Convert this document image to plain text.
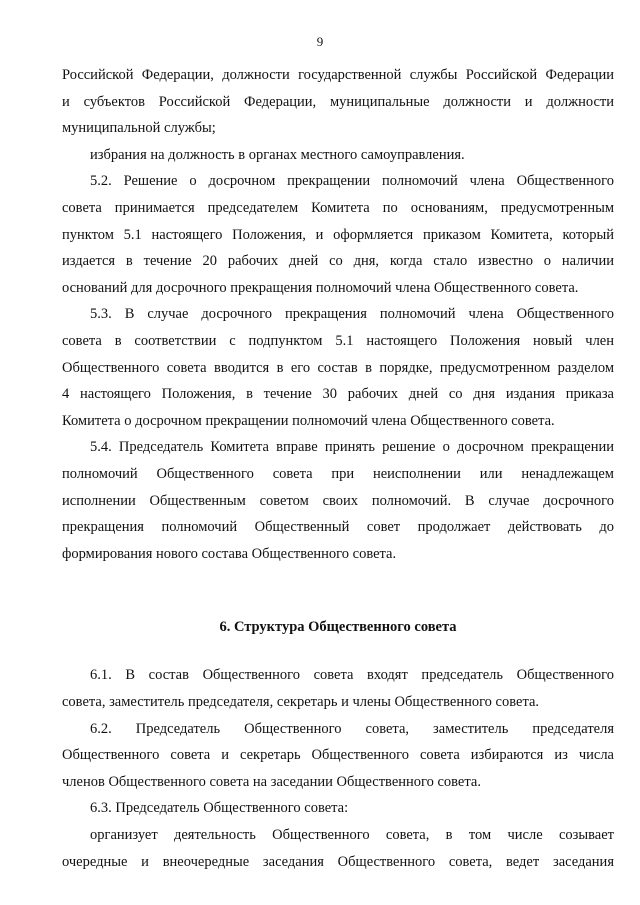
9
Российской Федерации, должности государственной службы Российской Федерации
и субъектов Российской Федерации, муниципальные должности и должности
муниципальной службы;
избрания на должность в органах местного самоуправления.
5.2. Решение о досрочном прекращении полномочий члена Общественного
совета принимается председателем Комитета по основаниям, предусмотренным
пунктом 5.1 настоящего Положения, и оформляется приказом Комитета, который
издается в течение 20 рабочих дней со дня, когда стало известно о наличии
оснований для досрочного прекращения полномочий члена Общественного совета.
5.3. В случае досрочного прекращения полномочий члена Общественного
совета в соответствии с подпунктом 5.1 настоящего Положения новый член
Общественного совета вводится в его состав в порядке, предусмотренном разделом
4 настоящего Положения, в течение 30 рабочих дней со дня издания приказа
Комитета о досрочном прекращении полномочий члена Общественного совета.
5.4. Председатель Комитета вправе принять решение о досрочном прекращении
полномочий Общественного совета при неисполнении или ненадлежащем
исполнении Общественным советом своих полномочий. В случае досрочного
прекращения полномочий Общественный совет продолжает действовать до
формирования нового состава Общественного совета.
6. Структура Общественного совета
6.1. В состав Общественного совета входят председатель Общественного
совета, заместитель председателя, секретарь и члены Общественного совета.
6.2. Председатель Общественного совета, заместитель председателя
Общественного совета и секретарь Общественного совета избираются из числа
членов Общественного совета на заседании Общественного совета.
6.3. Председатель Общественного совета:
организует деятельность Общественного совета, в том числе созывает
очередные и внеочередные заседания Общественного совета, ведет заседания
